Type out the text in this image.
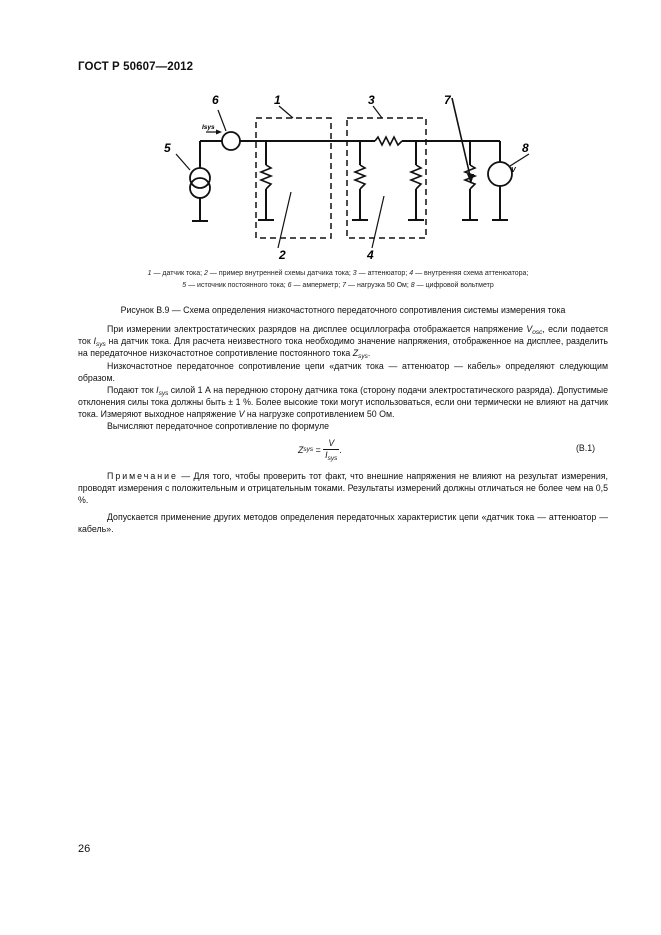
ГОСТ Р 50607—2012
1	3
6	7
5	8
2	4
Isys
V
1 — датчик тока; 2 — пример внутренней схемы датчика тока; 3 — аттенюатор; 4 — внутренняя схема аттенюатора;
5 — источник постоянного тока; 6 — амперметр; 7 — нагрузка 50 Ом; 8 — цифровой вольтметр
Рисунок В.9 — Схема определения низкочастотного передаточного сопротивления системы измерения тока
При измерении электростатических разрядов на дисплее осциллографа отображается напряжение $V_{osc}$, если подается ток $I_{sys}$ на датчик тока. Для расчета неизвестного тока необходимо значение напряжения, отображенное на дисплее, разделить на передаточное низкочастотное сопротивление постоянного тока $Z_{sys}$.
Низкочастотное передаточное сопротивление цепи «датчик тока — аттенюатор — кабель» определяют следующим образом.
Подают ток $I_{sys}$ силой 1 А на переднюю сторону датчика тока (сторону подачи электростатического разряда). Допустимые отклонения силы тока должны быть ± 1 %. Более высокие токи могут использоваться, если они термически не влияют на датчик тока. Измеряют выходное напряжение V на нагрузке сопротивлением 50 Ом.
Вычисляют передаточное сопротивление по формуле
Z sys =
V
$I_{sys}$
.	(В.1)
Примечание — Для того, чтобы проверить тот факт, что внешние напряжения не влияют на результат измерения, проводят измерения с положительным и отрицательным токами. Результаты измерений должны отличаться не более чем на 0,5 %.
Допускается применение других методов определения передаточных характеристик цепи «датчик тока — аттенюатор — кабель».
26
